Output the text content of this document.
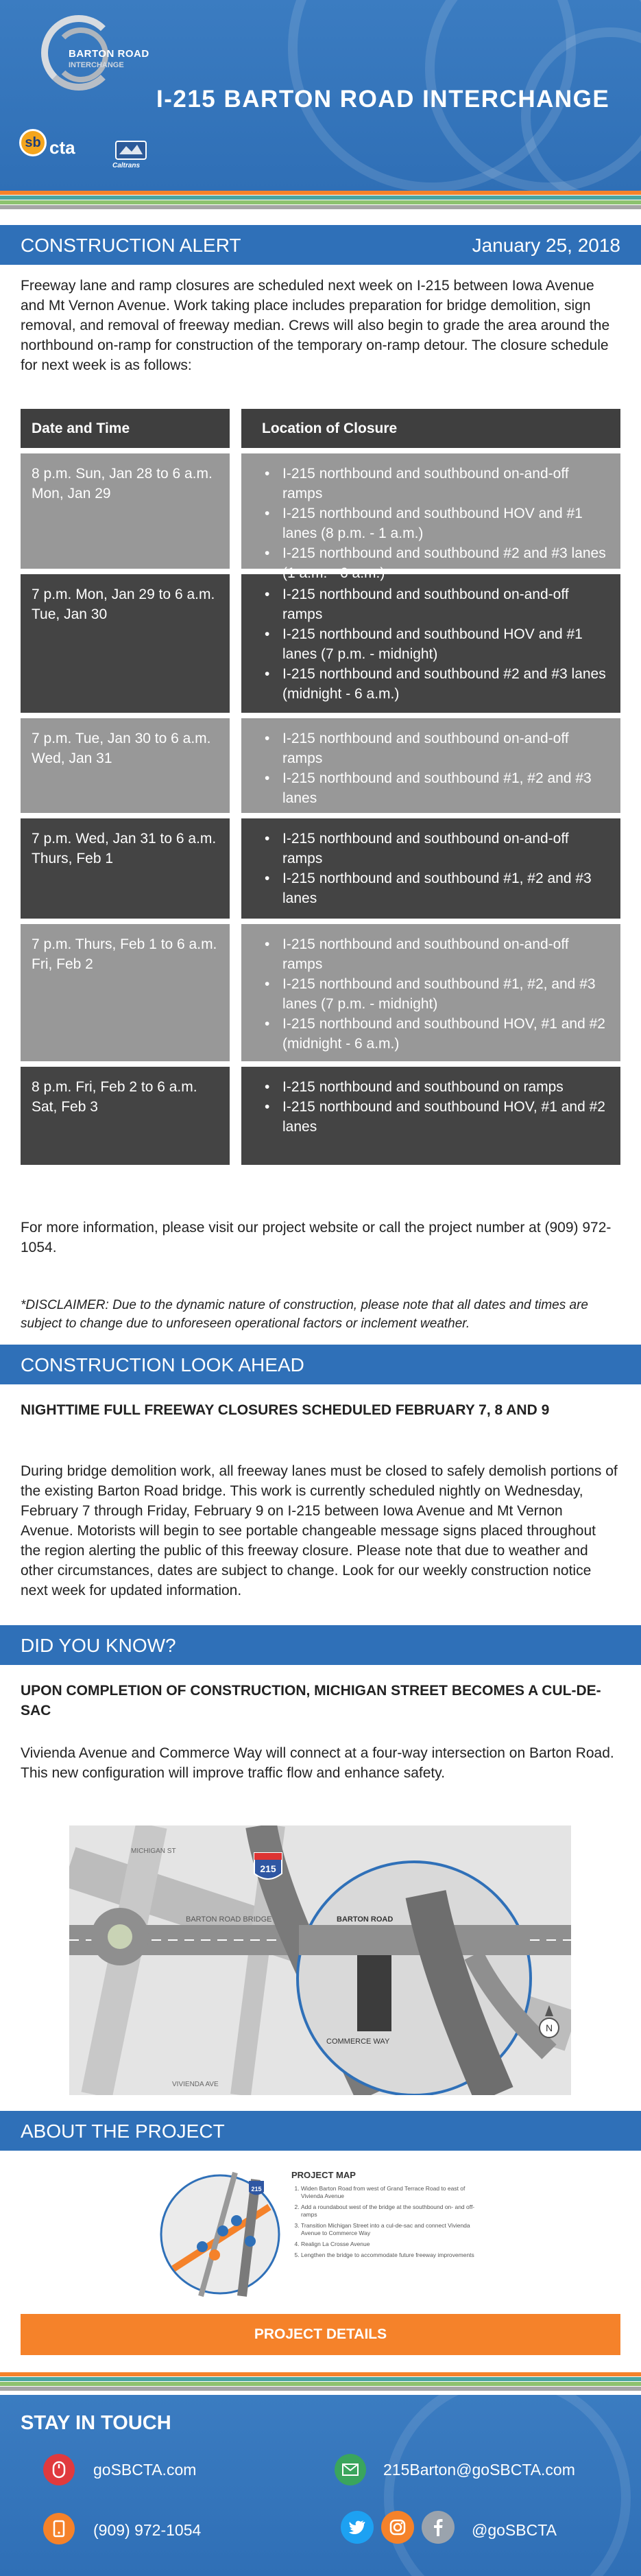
BARTON ROAD
INTERCHANGE
I-215 BARTON ROAD INTERCHANGE
sb cta
Caltrans
CONSTRUCTION ALERT	January 25, 2018
Freeway lane and ramp closures are scheduled next week on I-215 between Iowa Avenue and Mt Vernon Avenue. Work taking place includes preparation for bridge demolition, sign removal, and removal of freeway median. Crews will also begin to grade the area around the northbound on-ramp for construction of the temporary on-ramp detour. The closure schedule for next week is as follows:
Date and Time	Location of Closure
8 p.m. Sun, Jan 28 to 6 a.m. Mon, Jan 29
• I-215 northbound and southbound on-and-off ramps
• I-215 northbound and southbound HOV and #1 lanes (8 p.m. - 1 a.m.)
• I-215 northbound and southbound #2 and #3 lanes (1 a.m. - 6 a.m.)
7 p.m. Mon, Jan 29 to 6 a.m. Tue, Jan 30
• I-215 northbound and southbound on-and-off ramps
• I-215 northbound and southbound HOV and #1 lanes (7 p.m. - midnight)
• I-215 northbound and southbound #2 and #3 lanes (midnight - 6 a.m.)
7 p.m. Tue, Jan 30 to 6 a.m. Wed, Jan 31
• I-215 northbound and southbound on-and-off ramps
• I-215 northbound and southbound #1, #2 and #3 lanes
7 p.m. Wed, Jan 31 to 6 a.m. Thurs, Feb 1
• I-215 northbound and southbound on-and-off ramps
• I-215 northbound and southbound #1, #2 and #3 lanes
7 p.m. Thurs, Feb 1 to 6 a.m. Fri, Feb 2
• I-215 northbound and southbound on-and-off ramps
• I-215 northbound and southbound #1, #2, and #3 lanes (7 p.m. - midnight)
• I-215 northbound and southbound HOV, #1 and #2 (midnight - 6 a.m.)
8 p.m. Fri, Feb 2 to 6 a.m. Sat, Feb 3
• I-215 northbound and southbound on ramps
• I-215 northbound and southbound HOV, #1 and #2 lanes
For more information, please visit our project website or call the project number at (909) 972-1054.
*DISCLAIMER: Due to the dynamic nature of construction, please note that all dates and times are subject to change due to unforeseen operational factors or inclement weather.
CONSTRUCTION LOOK AHEAD
NIGHTTIME FULL FREEWAY CLOSURES SCHEDULED FEBRUARY 7, 8 AND 9
During bridge demolition work, all freeway lanes must be closed to safely demolish portions of the existing Barton Road bridge. This work is currently scheduled nightly on Wednesday, February 7 through Friday, February 9 on I-215 between Iowa Avenue and Mt Vernon Avenue. Motorists will begin to see portable changeable message signs placed throughout the region alerting the public of this freeway closure. Please note that due to weather and other circumstances, dates are subject to change. Look for our weekly construction notice next week for updated information.
DID YOU KNOW?
UPON COMPLETION OF CONSTRUCTION, MICHIGAN STREET BECOMES A CUL-DE-SAC
Vivienda Avenue and Commerce Way will connect at a four-way intersection on Barton Road. This new configuration will improve traffic flow and enhance safety.
215
BARTON ROAD BRIDGE	BARTON ROAD
COMMERCE WAY
MICHIGAN ST
VIVIENDA AVE
N
ABOUT THE PROJECT
215
PROJECT MAP
1. Widen Barton Road from west of Grand Terrace Road to east of Vivienda Avenue
2. Add a roundabout west of the bridge at the southbound on- and off-ramps
3. Transition Michigan Street into a cul-de-sac and connect Vivienda Avenue to Commerce Way
4. Realign La Crosse Avenue
5. Lengthen the bridge to accommodate future freeway improvements
PROJECT DETAILS
STAY IN TOUCH
goSBCTA.com	215Barton@goSBCTA.com
(909) 972-1054	@goSBCTA
